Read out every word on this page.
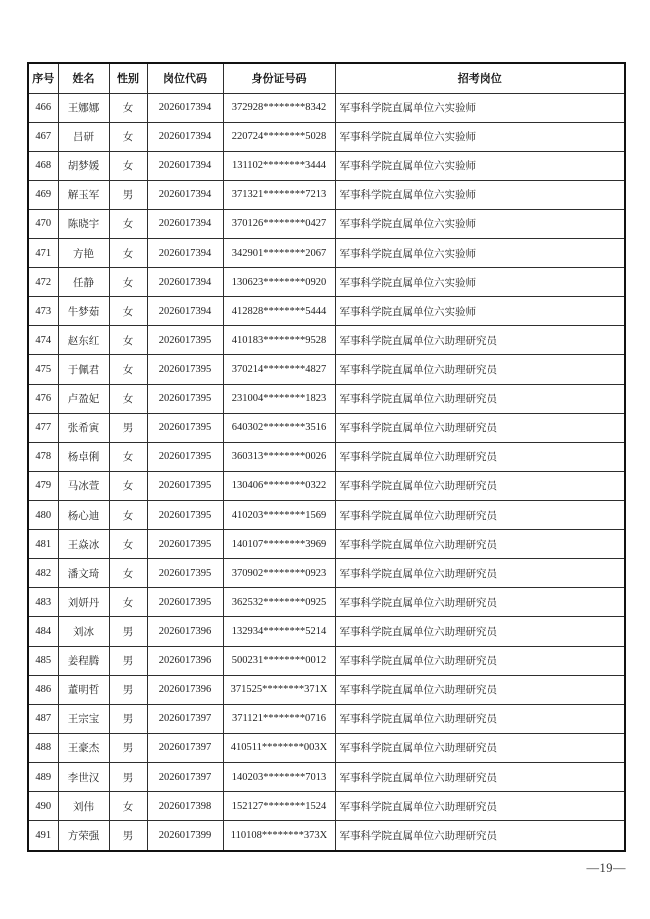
序号	姓名	性别	岗位代码	身份证号码	招考岗位
466	王娜娜	女	2026017394	372928********8342	军事科学院直属单位六实验师
467	吕研	女	2026017394	220724********5028	军事科学院直属单位六实验师
468	胡梦媛	女	2026017394	131102********3444	军事科学院直属单位六实验师
469	解玉军	男	2026017394	371321********7213	军事科学院直属单位六实验师
470	陈晓宇	女	2026017394	370126********0427	军事科学院直属单位六实验师
471	方艳	女	2026017394	342901********2067	军事科学院直属单位六实验师
472	任静	女	2026017394	130623********0920	军事科学院直属单位六实验师
473	牛梦茹	女	2026017394	412828********5444	军事科学院直属单位六实验师
474	赵东红	女	2026017395	410183********9528	军事科学院直属单位六助理研究员
475	于佩君	女	2026017395	370214********4827	军事科学院直属单位六助理研究员
476	卢盈妃	女	2026017395	231004********1823	军事科学院直属单位六助理研究员
477	张希寅	男	2026017395	640302********3516	军事科学院直属单位六助理研究员
478	杨卓俐	女	2026017395	360313********0026	军事科学院直属单位六助理研究员
479	马冰萱	女	2026017395	130406********0322	军事科学院直属单位六助理研究员
480	杨心迪	女	2026017395	410203********1569	军事科学院直属单位六助理研究员
481	王焱冰	女	2026017395	140107********3969	军事科学院直属单位六助理研究员
482	潘文琦	女	2026017395	370902********0923	军事科学院直属单位六助理研究员
483	刘妍丹	女	2026017395	362532********0925	军事科学院直属单位六助理研究员
484	刘冰	男	2026017396	132934********5214	军事科学院直属单位六助理研究员
485	姜程腾	男	2026017396	500231********0012	军事科学院直属单位六助理研究员
486	董明哲	男	2026017396	371525********371X	军事科学院直属单位六助理研究员
487	王宗宝	男	2026017397	371121********0716	军事科学院直属单位六助理研究员
488	王豪杰	男	2026017397	410511********003X	军事科学院直属单位六助理研究员
489	李世汉	男	2026017397	140203********7013	军事科学院直属单位六助理研究员
490	刘伟	女	2026017398	152127********1524	军事科学院直属单位六助理研究员
491	方荣强	男	2026017399	110108********373X	军事科学院直属单位六助理研究员
—19—
